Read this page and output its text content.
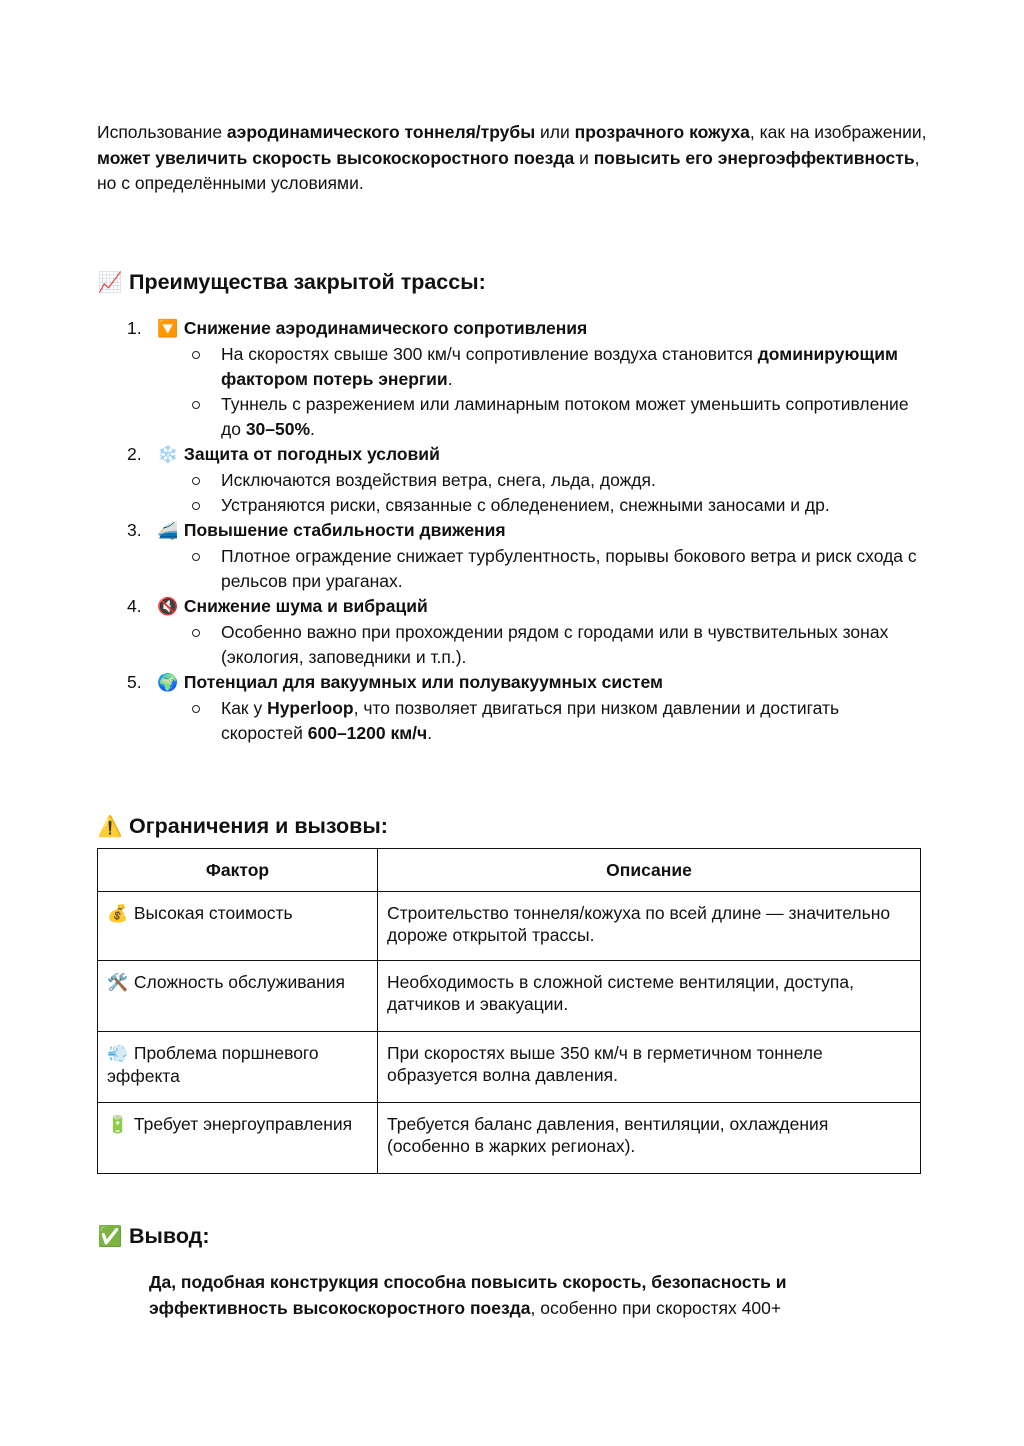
Использование аэродинамического тоннеля/трубы или прозрачного кожуха, как на изображении, может увеличить скорость высокоскоростного поезда и повысить его энергоэффективность, но с определёнными условиями.

📈 Преимущества закрытой трассы:
1. 🔽 Снижение аэродинамического сопротивления
На скоростях свыше 300 км/ч сопротивление воздуха становится доминирующим фактором потерь энергии.
Туннель с разрежением или ламинарным потоком может уменьшить сопротивление до 30–50%.
2. ❄️ Защита от погодных условий
Исключаются воздействия ветра, снега, льда, дождя.
Устраняются риски, связанные с обледенением, снежными заносами и др.
3. 🚄 Повышение стабильности движения
Плотное ограждение снижает турбулентность, порывы бокового ветра и риск схода с рельсов при ураганах.
4. 🔇 Снижение шума и вибраций
Особенно важно при прохождении рядом с городами или в чувствительных зонах (экология, заповедники и т.п.).
5. 🌍 Потенциал для вакуумных или полувакуумных систем
Как у Hyperloop, что позволяет двигаться при низком давлении и достигать скоростей 600–1200 км/ч.
⚠️ Ограничения и вызовы:
Фактор	Описание
💰 Высокая стоимость	Строительство тоннеля/кожуха по всей длине — значительно дороже открытой трассы.
🛠️ Сложность обслуживания	Необходимость в сложной системе вентиляции, доступа, датчиков и эвакуации.
💨 Проблема поршневого эффекта	При скоростях выше 350 км/ч в герметичном тоннеле образуется волна давления.
🔋 Требует энергоуправления	Требуется баланс давления, вентиляции, охлаждения (особенно в жарких регионах).
✅ Вывод:

Да, подобная конструкция способна повысить скорость, безопасность и эффективность высокоскоростного поезда, особенно при скоростях 400+
